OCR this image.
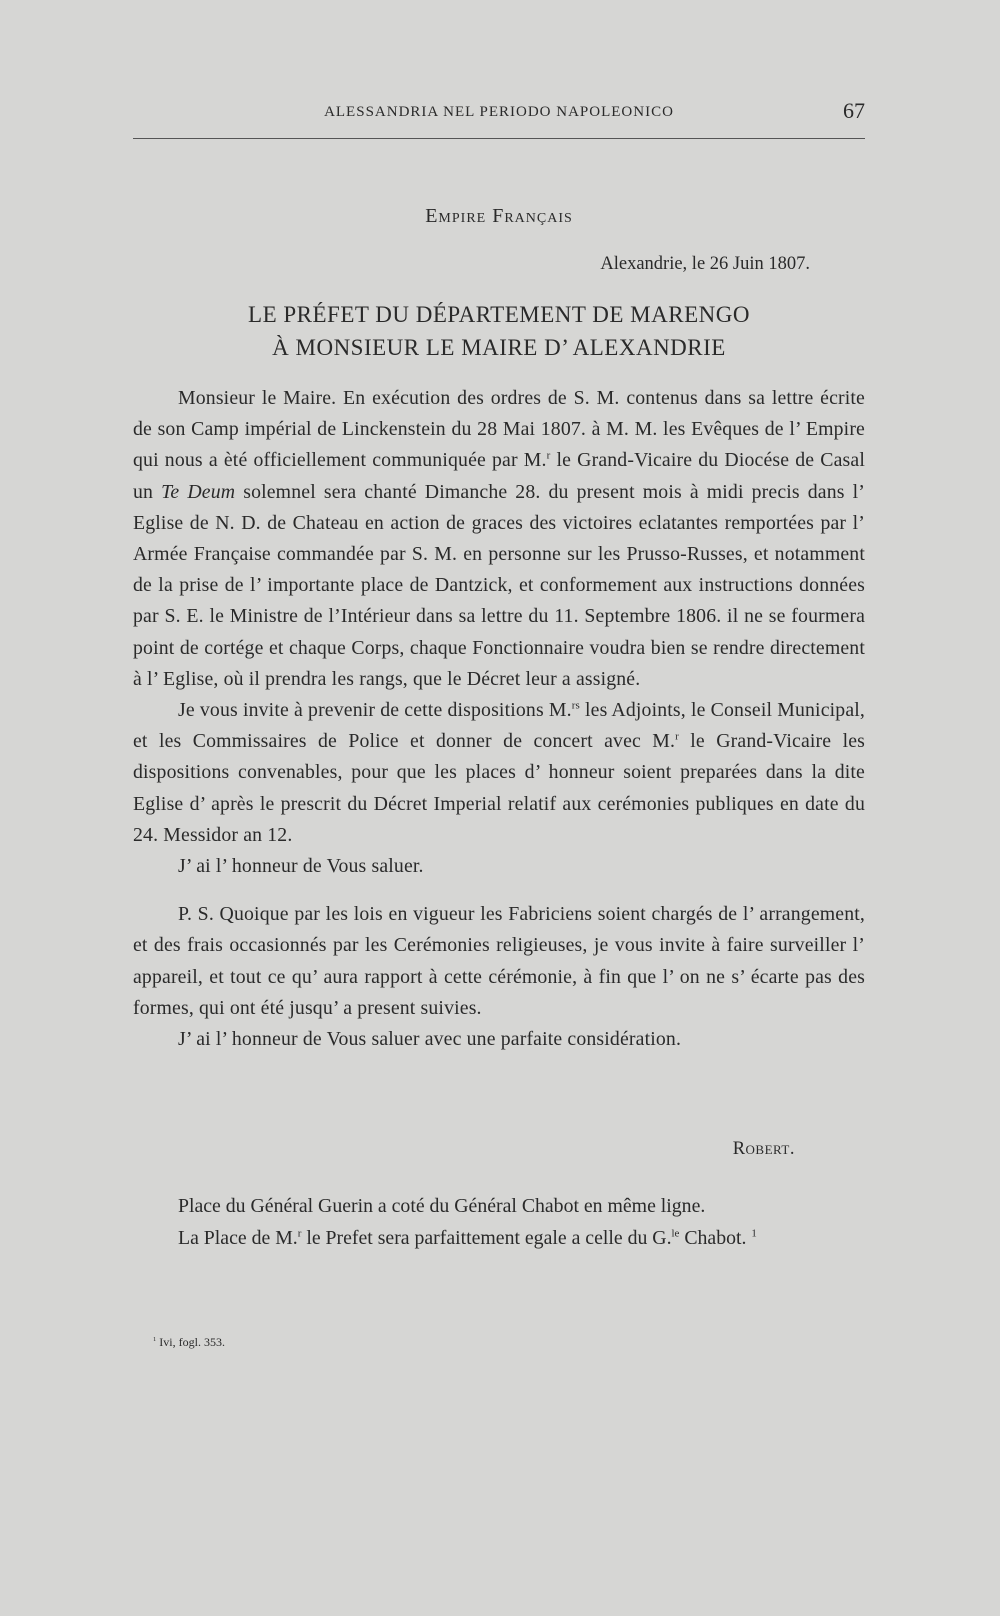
ALESSANDRIA NEL PERIODO NAPOLEONICO	67
Empire Français
Alexandrie, le 26 Juin 1807.
LE PRÉFET DU DÉPARTEMENT DE MARENGO
À MONSIEUR LE MAIRE D’ ALEXANDRIE

Monsieur le Maire. En exécution des ordres de S. M. contenus dans sa lettre écrite de son Camp impérial de Linckenstein du 28 Mai 1807. à M. M. les Evêques de l’ Empire qui nous a èté officiellement communiquée par M.$^r$ le Grand-Vicaire du Diocése de Casal un Te Deum solemnel sera chanté Dimanche 28. du present mois à midi precis dans l’ Eglise de N. D. de Chateau en action de graces des victoires eclatantes remportées par l’ Armée Française commandée par S. M. en personne sur les Prusso-Russes, et notamment de la prise de l’ importante place de Dantzick, et conformement aux instructions données par S. E. le Ministre de l’Intérieur dans sa lettre du 11. Septembre 1806. il ne se fourmera point de cortége et chaque Corps, chaque Fonctionnaire voudra bien se rendre directement à l’ Eglise, où il prendra les rangs, que le Décret leur a assigné.

Je vous invite à prevenir de cette dispositions M.$^{rs}$ les Adjoints, le Conseil Municipal, et les Commissaires de Police et donner de concert avec M.$^r$ le Grand-Vicaire les dispositions convenables, pour que les places d’ honneur soient preparées dans la dite Eglise d’ après le prescrit du Décret Imperial relatif aux cerémonies publiques en date du 24. Messidor an 12.

J’ ai l’ honneur de Vous saluer.

P. S. Quoique par les lois en vigueur les Fabriciens soient chargés de l’ arrangement, et des frais occasionnés par les Cerémonies religieuses, je vous invite à faire surveiller l’ appareil, et tout ce qu’ aura rapport à cette cérémonie, à fin que l’ on ne s’ écarte pas des formes, qui ont été jusqu’ a present suivies.

J’ ai l’ honneur de Vous saluer avec une parfaite considération.

Robert.

Place du Général Guerin a coté du Général Chabot en même ligne.

La Place de M.$^r$ le Prefet sera parfaittement egale a celle du G.$^{le}$ Chabot. $^1$

$^1$ Ivi, fogl. 353.
